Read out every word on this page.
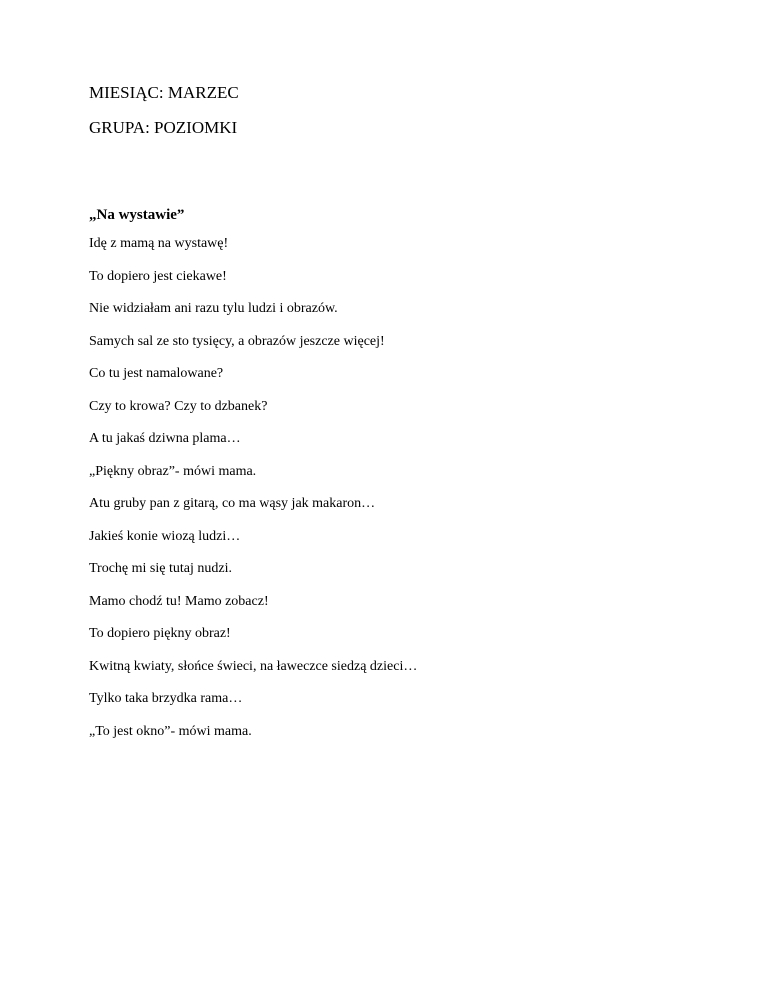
MIESIĄC: MARZEC
GRUPA: POZIOMKI
„Na wystawie”
Idę z mamą na wystawę!
To dopiero jest ciekawe!
Nie widziałam ani razu tylu ludzi i obrazów.
Samych sal ze sto tysięcy, a obrazów jeszcze więcej!
Co tu jest namalowane?
Czy to krowa? Czy to dzbanek?
A tu jakaś dziwna plama…
„Piękny obraz”- mówi mama.
Atu gruby pan z gitarą, co ma wąsy jak makaron…
Jakieś konie wiozą ludzi…
Trochę mi się tutaj nudzi.
Mamo chodź tu! Mamo zobacz!
To dopiero piękny obraz!
Kwitną kwiaty, słońce świeci, na ławeczce siedzą dzieci…
Tylko taka brzydka rama…
„To jest okno”- mówi mama.
